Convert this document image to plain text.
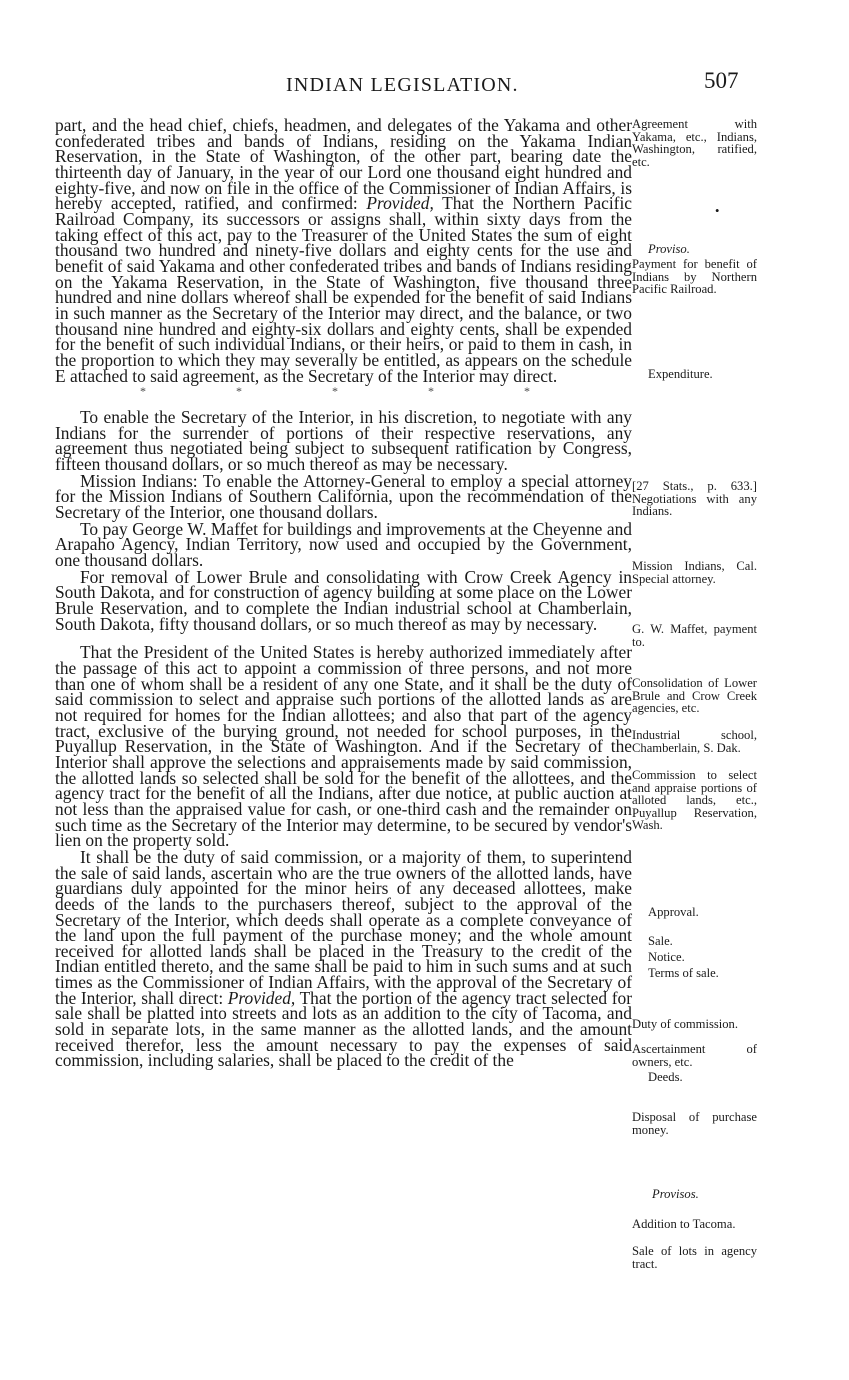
INDIAN LEGISLATION.	507

part, and the head chief, chiefs, headmen, and delegates of the Yakama and other confederated tribes and bands of Indians, residing on the Yakama Indian Reservation, in the State of Washington, of the other part, bearing date the thirteenth day of January, in the year of our Lord one thousand eight hundred and eighty-five, and now on file in the office of the Commissioner of Indian Affairs, is hereby accepted, ratified, and confirmed: Provided, That the Northern Pacific Railroad Company, its successors or assigns shall, within sixty days from the taking effect of this act, pay to the Treasurer of the United States the sum of eight thousand two hundred and ninety-five dollars and eighty cents for the use and benefit of said Yakama and other confederated tribes and bands of Indians residing on the Yakama Reservation, in the State of Washington, five thousand three hundred and nine dollars whereof shall be expended for the benefit of said Indians in such manner as the Secretary of the Interior may direct, and the balance, or two thousand nine hundred and eighty-six dollars and eighty cents, shall be expended for the benefit of such individual Indians, or their heirs, or paid to them in cash, in the proportion to which they may severally be entitled, as appears on the schedule E attached to said agreement, as the Secretary of the Interior may direct.

*	*	*	*	*

To enable the Secretary of the Interior, in his discretion, to negotiate with any Indians for the surrender of portions of their respective reservations, any agreement thus negotiated being subject to subsequent ratification by Congress, fifteen thousand dollars, or so much thereof as may be necessary.

Mission Indians: To enable the Attorney-General to employ a special attorney for the Mission Indians of Southern California, upon the recommendation of the Secretary of the Interior, one thousand dollars.

To pay George W. Maffet for buildings and improvements at the Cheyenne and Arapaho Agency, Indian Territory, now used and occupied by the Government, one thousand dollars.

For removal of Lower Brule and consolidating with Crow Creek Agency in South Dakota, and for construction of agency building at some place on the Lower Brule Reservation, and to complete the Indian industrial school at Chamberlain, South Dakota, fifty thousand dollars, or so much thereof as may by necessary.

That the President of the United States is hereby authorized immediately after the passage of this act to appoint a commission of three persons, and not more than one of whom shall be a resident of any one State, and it shall be the duty of said commission to select and appraise such portions of the allotted lands as are not required for homes for the Indian allottees; and also that part of the agency tract, exclusive of the burying ground, not needed for school purposes, in the Puyallup Reservation, in the State of Washington. And if the Secretary of the Interior shall approve the selections and appraisements made by said commission, the allotted lands so selected shall be sold for the benefit of the allottees, and the agency tract for the benefit of all the Indians, after due notice, at public auction at not less than the appraised value for cash, or one-third cash and the remainder on such time as the Secretary of the Interior may determine, to be secured by vendor's lien on the property sold.

It shall be the duty of said commission, or a majority of them, to superintend the sale of said lands, ascertain who are the true owners of the allotted lands, have guardians duly appointed for the minor heirs of any deceased allottees, make deeds of the lands to the purchasers thereof, subject to the approval of the Secretary of the Interior, which deeds shall operate as a complete conveyance of the land upon the full payment of the purchase money; and the whole amount received for allotted lands shall be placed in the Treasury to the credit of the Indian entitled thereto, and the same shall be paid to him in such sums and at such times as the Commissioner of Indian Affairs, with the approval of the Secretary of the Interior, shall direct: Provided, That the portion of the agency tract selected for sale shall be platted into streets and lots as an addition to the city of Tacoma, and sold in separate lots, in the same manner as the allotted lands, and the amount received therefor, less the amount necessary to pay the expenses of said commission, including salaries, shall be placed to the credit of the

Agreement with Yakama, etc., Indians, Washington, ratified, etc.
•
Proviso.
Payment for benefit of Indians by Northern Pacific Railroad.
Expenditure.
[27 Stats., p. 633.] Negotiations with any Indians.
Mission Indians, Cal. Special attorney.
G. W. Maffet, payment to.
Consolidation of Lower Brule and Crow Creek agencies, etc.
Industrial school, Chamberlain, S. Dak.
Commission to select and appraise portions of alloted lands, etc., Puyallup Reservation, Wash.
Approval.
Sale.
Notice.
Terms of sale.
Duty of commission.
Ascertainment of owners, etc.
Deeds.
Disposal of purchase money.
Provisos.
Addition to Tacoma.
Sale of lots in agency tract.
